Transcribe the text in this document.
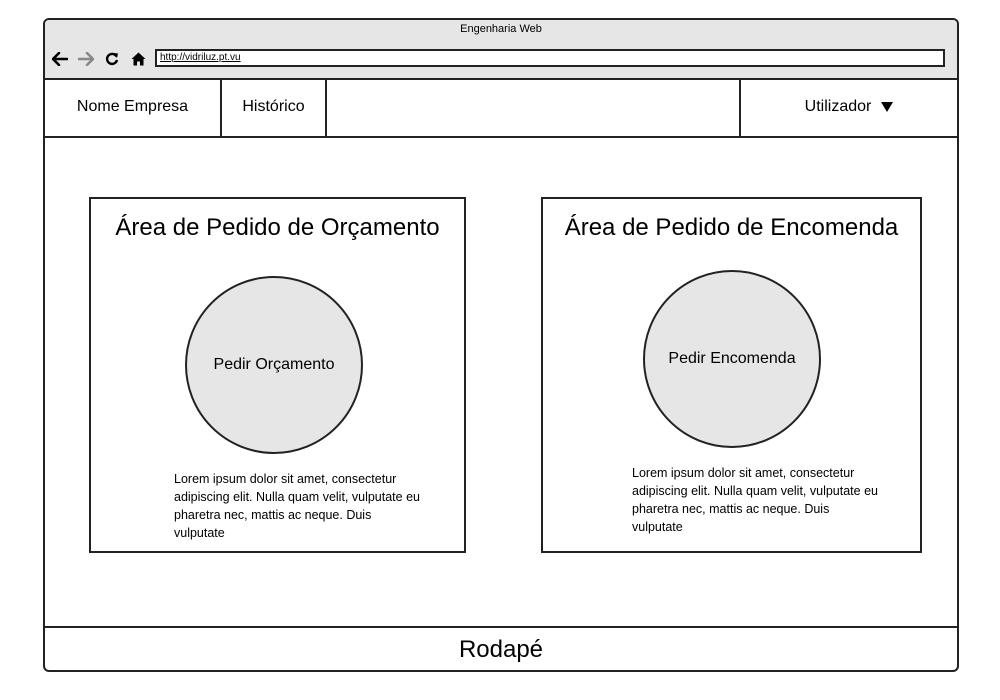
Engenharia Web
http://vidriluz.pt.vu
Nome Empresa	Histórico	Utilizador
Área de Pedido de Orçamento
Pedir Orçamento
Lorem ipsum dolor sit amet, consectetur adipiscing elit. Nulla quam velit, vulputate eu pharetra nec, mattis ac neque. Duis vulputate
Área de Pedido de Encomenda
Pedir Encomenda
Lorem ipsum dolor sit amet, consectetur adipiscing elit. Nulla quam velit, vulputate eu pharetra nec, mattis ac neque. Duis vulputate
Rodapé
